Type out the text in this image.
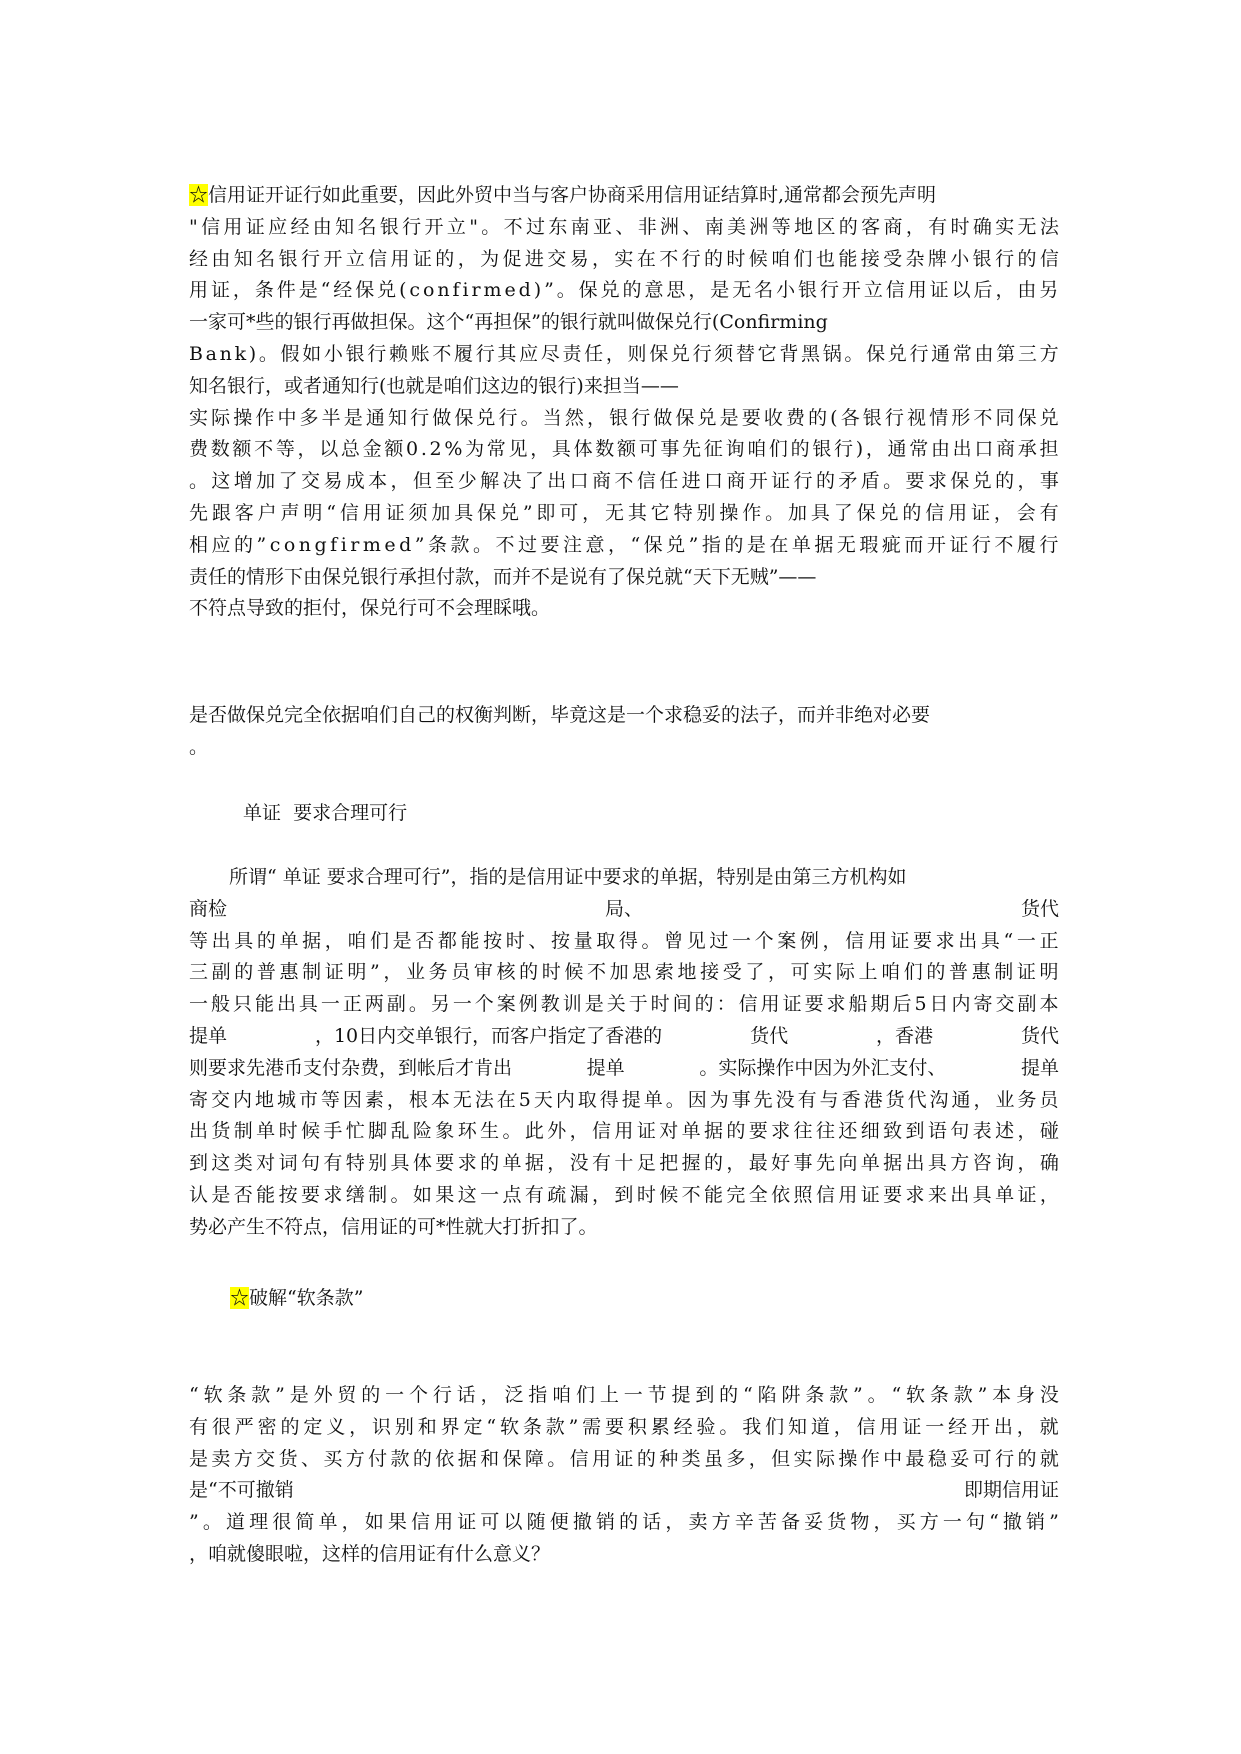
☆信用证开证行如此重要，因此外贸中当与客户协商采用信用证结算时,通常都会预先声明
" 信 用 证 应 经 由 知 名 银 行 开 立 " 。 不 过 东 南 亚 、 非 洲 、 南 美 洲 等 地 区 的 客 商 ， 有 时 确 实 无 法
经 由 知 名 银 行 开 立 信 用 证 的 ， 为 促 进 交 易 ， 实 在 不 行 的 时 候 咱 们 也 能 接 受 杂 牌 小 银 行 的 信
用 证 ， 条 件 是 “ 经 保 兑 ( c o n f i r m e d ) ” 。 保 兑 的 意 思 ， 是 无 名 小 银 行 开 立 信 用 证 以 后 ， 由 另
一家可*些的银行再做担保。这个“再担保”的银行就叫做保兑行(Confirming
B a n k ) 。 假 如 小 银 行 赖 账 不 履 行 其 应 尽 责 任 ， 则 保 兑 行 须 替 它 背 黑 锅 。 保 兑 行 通 常 由 第 三 方
知名银行，或者通知行(也就是咱们这边的银行)来担当——
实 际 操 作 中 多 半 是 通 知 行 做 保 兑 行 。 当 然 ， 银 行 做 保 兑 是 要 收 费 的 ( 各 银 行 视 情 形 不 同 保 兑
费 数 额 不 等 ， 以 总 金 额 0 . 2 % 为 常 见 ， 具 体 数 额 可 事 先 征 询 咱 们 的 银 行 ) ， 通 常 由 出 口 商 承 担
。 这 增 加 了 交 易 成 本 ， 但 至 少 解 决 了 出 口 商 不 信 任 进 口 商 开 证 行 的 矛 盾 。 要 求 保 兑 的 ， 事
先 跟 客 户 声 明 “ 信 用 证 须 加 具 保 兑 ” 即 可 ， 无 其 它 特 别 操 作 。 加 具 了 保 兑 的 信 用 证 ， 会 有
相 应 的 ” c o n g f i r m e d ” 条 款 。 不 过 要 注 意 ， “ 保 兑 ” 指 的 是 在 单 据 无 瑕 疵 而 开 证 行 不 履 行
责任的情形下由保兑银行承担付款，而并不是说有了保兑就“天下无贼”——
不符点导致的拒付，保兑行可不会理睬哦。
是否做保兑完全依据咱们自己的权衡判断，毕竟这是一个求稳妥的法子，而并非绝对必要
。
单证  要求合理可行
所谓“ 单证 要求合理可行”，指的是信用证中要求的单据，特别是由第三方机构如
商检	局、	货代
等 出 具 的 单 据 ， 咱 们 是 否 都 能 按 时 、 按 量 取 得 。 曾 见 过 一 个 案 例 ， 信 用 证 要 求 出 具 “ 一 正
三 副 的 普 惠 制 证 明 ” ， 业 务 员 审 核 的 时 候 不 加 思 索 地 接 受 了 ， 可 实 际 上 咱 们 的 普 惠 制 证 明
一 般 只 能 出 具 一 正 两 副 。 另 一 个 案 例 教 训 是 关 于 时 间 的 ： 信 用 证 要 求 船 期 后 5 日 内 寄 交 副 本
提单	，10日内交单银行，而客户指定了香港的	货代	，香港	货代
则要求先港币支付杂费，到帐后才肯出	提单	。实际操作中因为外汇支付、	提单
寄 交 内 地 城 市 等 因 素 ， 根 本 无 法 在 5 天 内 取 得 提 单 。 因 为 事 先 没 有 与 香 港 货 代 沟 通 ， 业 务 员
出 货 制 单 时 候 手 忙 脚 乱 险 象 环 生 。 此 外 ， 信 用 证 对 单 据 的 要 求 往 往 还 细 致 到 语 句 表 述 ， 碰
到 这 类 对 词 句 有 特 别 具 体 要 求 的 单 据 ， 没 有 十 足 把 握 的 ， 最 好 事 先 向 单 据 出 具 方 咨 询 ， 确
认 是 否 能 按 要 求 缮 制 。 如 果 这 一 点 有 疏 漏 ， 到 时 候 不 能 完 全 依 照 信 用 证 要 求 来 出 具 单 证 ，
势必产生不符点，信用证的可*性就大打折扣了。
☆破解“软条款”
“ 软 条 款 ” 是 外 贸 的 一 个 行 话 ， 泛 指 咱 们 上 一 节 提 到 的 “ 陷 阱 条 款 ” 。 “ 软 条 款 ” 本 身 没
有 很 严 密 的 定 义 ， 识 别 和 界 定 “ 软 条 款 ” 需 要 积 累 经 验 。 我 们 知 道 ， 信 用 证 一 经 开 出 ， 就
是 卖 方 交 货 、 买 方 付 款 的 依 据 和 保 障 。 信 用 证 的 种 类 虽 多 ， 但 实 际 操 作 中 最 稳 妥 可 行 的 就
是“不可撤销	即期信用证
” 。 道 理 很 简 单 ， 如 果 信 用 证 可 以 随 便 撤 销 的 话 ， 卖 方 辛 苦 备 妥 货 物 ， 买 方 一 句 “ 撤 销 ”
，咱就傻眼啦，这样的信用证有什么意义？
